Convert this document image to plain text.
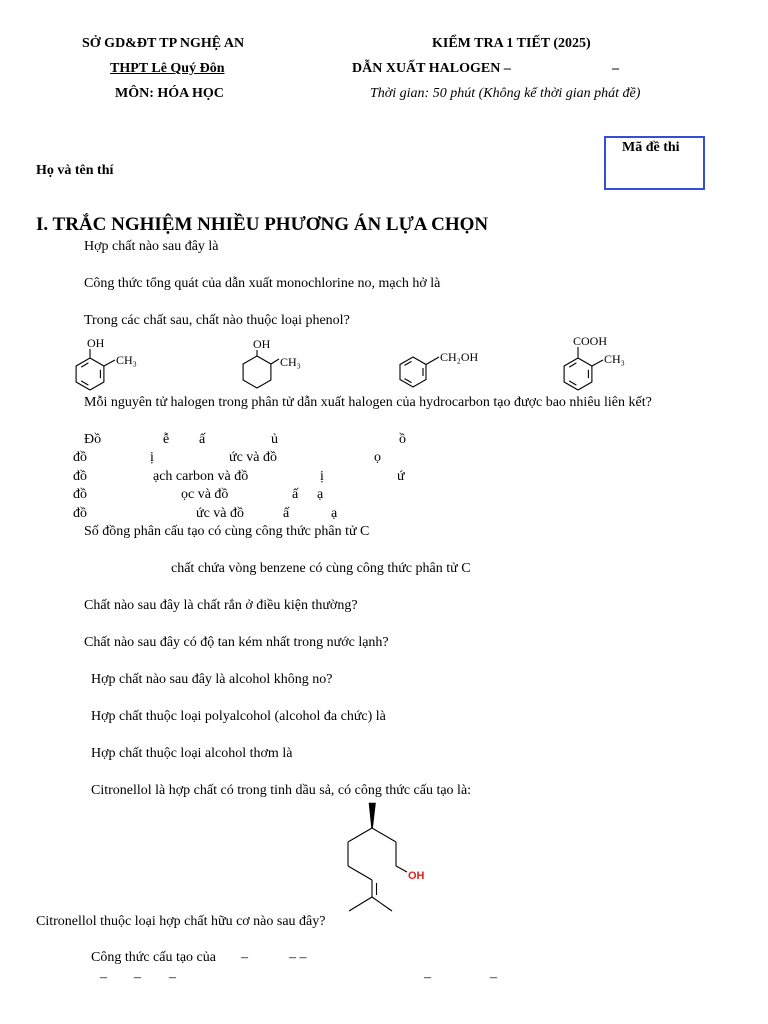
SỞ GD&ĐT TP NGHỆ AN
THPT Lê Quý Đôn
MÔN: HÓA HỌC
KIỂM TRA 1 TIẾT (2025)
DẪN XUẤT HALOGEN –	–
Thời gian: 50 phút (Không kể thời gian phát đề)
Mã đề thi
Họ và tên thí
I. TRẮC NGHIỆM NHIỀU PHƯƠNG ÁN LỰA CHỌN
Hợp chất nào sau đây là
Công thức tổng quát của dẫn xuất monochlorine no, mạch hở là
Trong các chất sau, chất nào thuộc loại phenol?
OH
CH₃
OH
CH₃	CH₂OH
COOH
CH₃
Mỗi nguyên tử halogen trong phân tử dẫn xuất halogen của hydrocarbon tạo được bao nhiêu liên kết?
Đồ	ễ ấ	ủ	ồ
đồ	ị	ức và đồ	ọ
đồ	ạch carbon và đồ	ị	ứ
đồ	ọc và đồ	ấ ạ
đồ	ức và đồ	ấ	ạ
Số đồng phân cấu tạo có cùng công thức phân tử C
chất chứa vòng benzene có cùng công thức phân tử C
Chất nào sau đây là chất rắn ở điều kiện thường?
Chất nào sau đây có độ tan kém nhất trong nước lạnh?
Hợp chất nào sau đây là alcohol không no?
Hợp chất thuộc loại polyalcohol (alcohol đa chức) là
Hợp chất thuộc loại alcohol thơm là
Citronellol là hợp chất có trong tinh dầu sả, có công thức cấu tạo là:
OH
Citronellol thuộc loại hợp chất hữu cơ nào sau đây?
Công thức cấu tạo của –	– –
– – –	–	–
